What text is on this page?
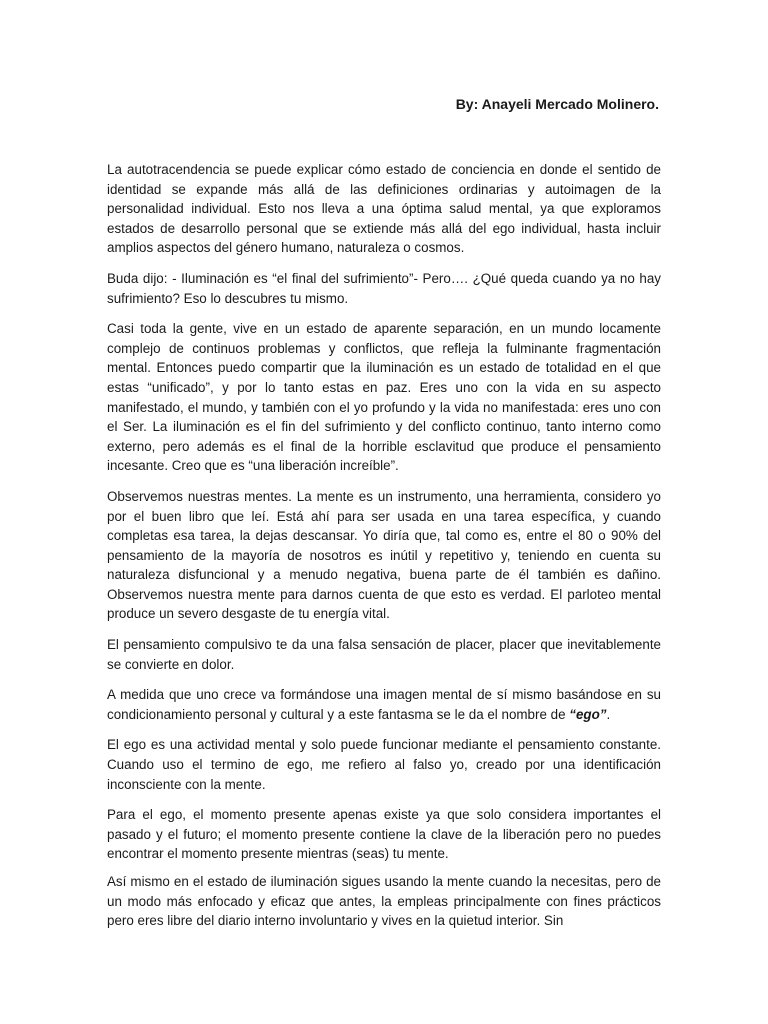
By: Anayeli Mercado Molinero.

La autotracendencia se puede explicar cómo estado de conciencia en donde el sentido de identidad se expande más allá de las definiciones ordinarias y autoimagen de la personalidad individual. Esto nos lleva a una óptima salud mental, ya que exploramos estados de desarrollo personal que se extiende más allá del ego individual, hasta incluir amplios aspectos del género humano, naturaleza o cosmos.

Buda dijo: - Iluminación es “el final del sufrimiento”- Pero…. ¿Qué queda cuando ya no hay sufrimiento? Eso lo descubres tu mismo.

Casi toda la gente, vive en un estado de aparente separación, en un mundo locamente complejo de continuos problemas y conflictos, que refleja la fulminante fragmentación mental. Entonces puedo compartir que la iluminación es un estado de totalidad en el que estas “unificado”, y por lo tanto estas en paz. Eres uno con la vida en su aspecto manifestado, el mundo, y también con el yo profundo y la vida no manifestada: eres uno con el Ser. La iluminación es el fin del sufrimiento y del conflicto continuo, tanto interno como externo, pero además es el final de la horrible esclavitud que produce el pensamiento incesante. Creo que es “una liberación increíble”.

Observemos nuestras mentes. La mente es un instrumento, una herramienta, considero yo por el buen libro que leí. Está ahí para ser usada en una tarea específica, y cuando completas esa tarea, la dejas descansar. Yo diría que, tal como es, entre el 80 o 90% del pensamiento de la mayoría de nosotros es inútil y repetitivo y, teniendo en cuenta su naturaleza disfuncional y a menudo negativa, buena parte de él también es dañino. Observemos nuestra mente para darnos cuenta de que esto es verdad. El parloteo mental produce un severo desgaste de tu energía vital.

El pensamiento compulsivo te da una falsa sensación de placer, placer que inevitablemente se convierte en dolor.

A medida que uno crece va formándose una imagen mental de sí mismo basándose en su condicionamiento personal y cultural y a este fantasma se le da el nombre de “ego”.

El ego es una actividad mental y solo puede funcionar mediante el pensamiento constante. Cuando uso el termino de ego, me refiero al falso yo, creado por una identificación inconsciente con la mente.

Para el ego, el momento presente apenas existe ya que solo considera importantes el pasado y el futuro; el momento presente contiene la clave de la liberación pero no puedes encontrar el momento presente mientras (seas) tu mente.

Así mismo en el estado de iluminación sigues usando la mente cuando la necesitas, pero de un modo más enfocado y eficaz que antes, la empleas principalmente con fines prácticos pero eres libre del diario interno involuntario y vives en la quietud interior. Sin
